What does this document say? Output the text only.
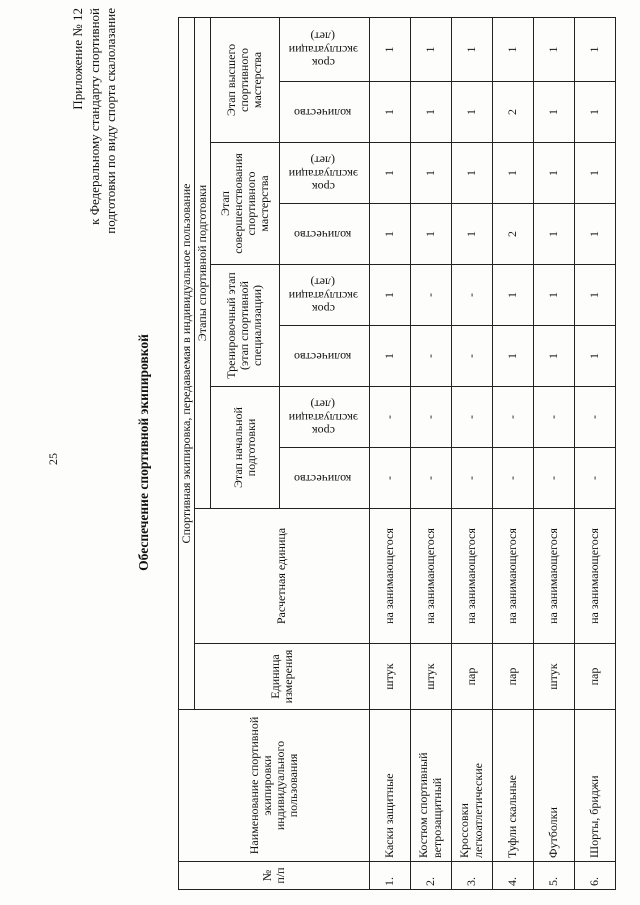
25
Приложение № 12 к Федеральному стандарту спортивной подготовки по виду спорта скалолазание
Обеспечение спортивной экипировкой
№ п/п	Наименование спортивной экипировки индивидуального пользования	Спортивная экипировка, передаваемая в индивидуальное пользование									
		Единица измерения	Расчетная единица	Этапы спортивной подготовки							
				Этап начальной подготовки		Тренировочный этап (этап спортивной специализации)		Этап совершенствования спортивного мастерства		Этап высшего спортивного мастерства	
				количество	срок эксплуатации (лет)	количество	срок эксплуатации (лет)	количество	срок эксплуатации (лет)	количество	срок эксплуатации (лет)
1.	Каски защитные	штук	на занимающегося	-	-	1	1	1	1	1	1
2.	Костюм спортивный ветрозащитный	штук	на занимающегося	-	-	-	-	1	1	1	1
3.	Кроссовки легкоатлетические	пар	на занимающегося	-	-	-	-	1	1	1	1
4.	Туфли скальные	пар	на занимающегося	-	-	1	1	2	1	2	1
5.	Футболки	штук	на занимающегося	-	-	1	1	1	1	1	1
6.	Шорты, бриджи	пар	на занимающегося	-	-	1	1	1	1	1	1
